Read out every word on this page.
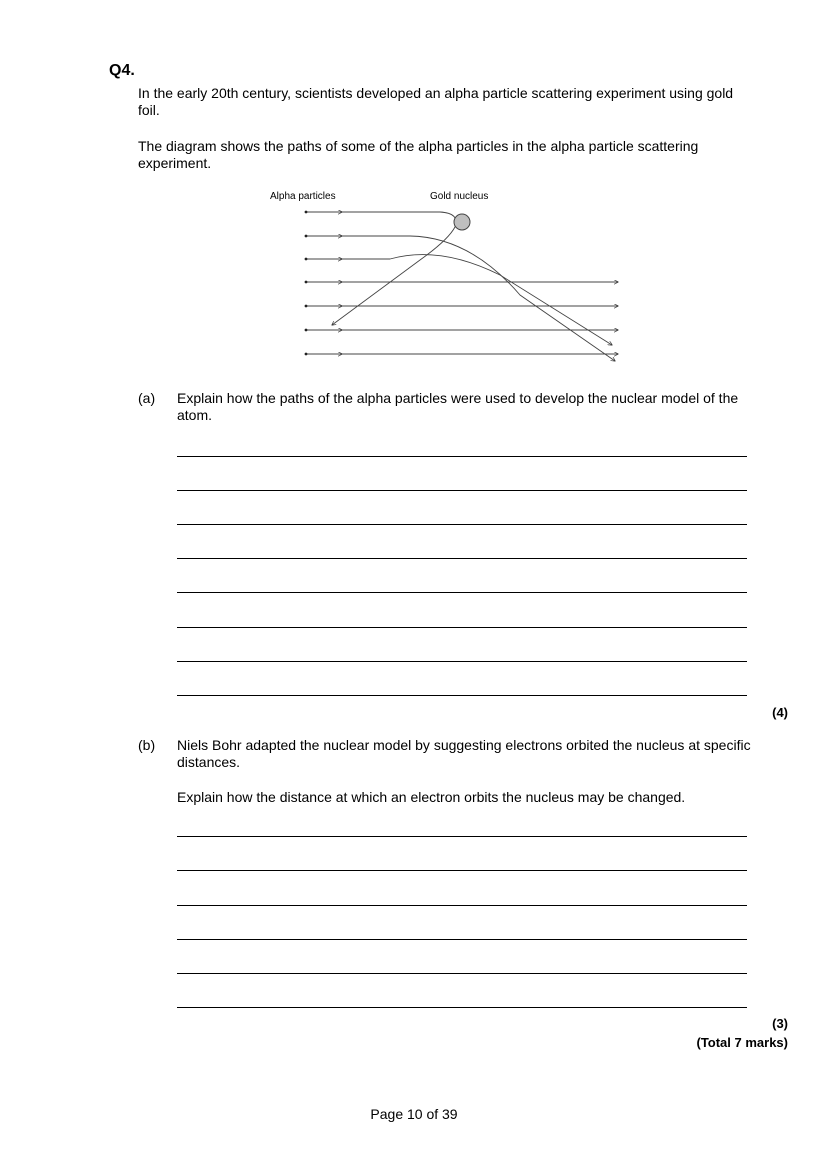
Q4.
In the early 20th century, scientists developed an alpha particle scattering experiment using gold foil.
The diagram shows the paths of some of the alpha particles in the alpha particle scattering experiment.
Alpha particles	Gold nucleus
(a) Explain how the paths of the alpha particles were used to develop the nuclear model of the atom.
(4)
(b) Niels Bohr adapted the nuclear model by suggesting electrons orbited the nucleus at specific distances.
Explain how the distance at which an electron orbits the nucleus may be changed.
(3)
(Total 7 marks)
Page 10 of 39
